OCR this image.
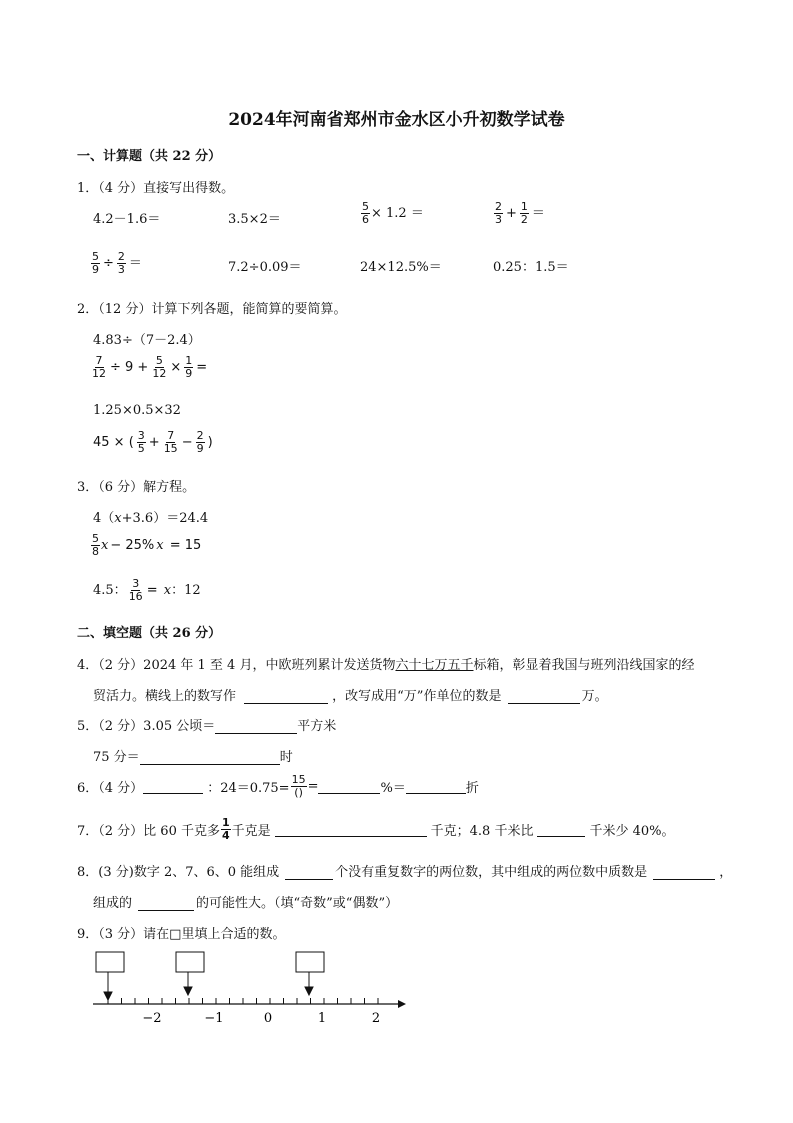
2024年河南省郑州市金水区小升初数学试卷
一、计算题（共 22 分）
1．（4 分）直接写出得数。
4.2－1.6＝	3.5×2＝	$\frac{5}{6} \times 1.2$ ＝	$\frac{2}{3} + \frac{1}{2}$ ＝
$\frac{5}{9} \div \frac{2}{3}$ ＝	7.2÷0.09＝	24×12.5%＝	0.25：1.5＝
2．（12 分）计算下列各题，能简算的要简算。
4.83÷（7－2.4）
$\frac{7}{12} \div 9 + \frac{5}{12} \times \frac{1}{9}$ =
1.25×0.5×32
45 × ( $\frac{3}{5} + \frac{7}{15} - \frac{2}{9}$ )
3．（6 分）解方程。
4（x+3.6）＝24.4
$\frac{5}{8}$ x − 25% x = 15
4.5： $\frac{3}{16} = x$：12
二、填空题（共 26 分）
4．（2 分）2024 年 1 至 4 月，中欧班列累计发送货物六十七万五千标箱，彰显着我国与班列沿线国家的经
贸活力。横线上的数写作	，改写成用“万”作单位的数是	万。
5．（2 分）3.05 公顷＝	平方米
75 分＝	时
6．（4 分）	：$24=0.75= \frac{15}{()}$ =	%＝	折
7．（2 分）比 60 千克多 $\frac{1}{4}$ 千克是	千克；4.8 千米比	千米少 40%。
8．(3 分)数字 2、7、6、0 能组成	个没有重复数字的两位数，其中组成的两位数中质数是	，
组成的	的可能性大。（填“奇数”或“偶数”）
9．（3 分）请在□里填上合适的数。
−2	−1	0	1	2
